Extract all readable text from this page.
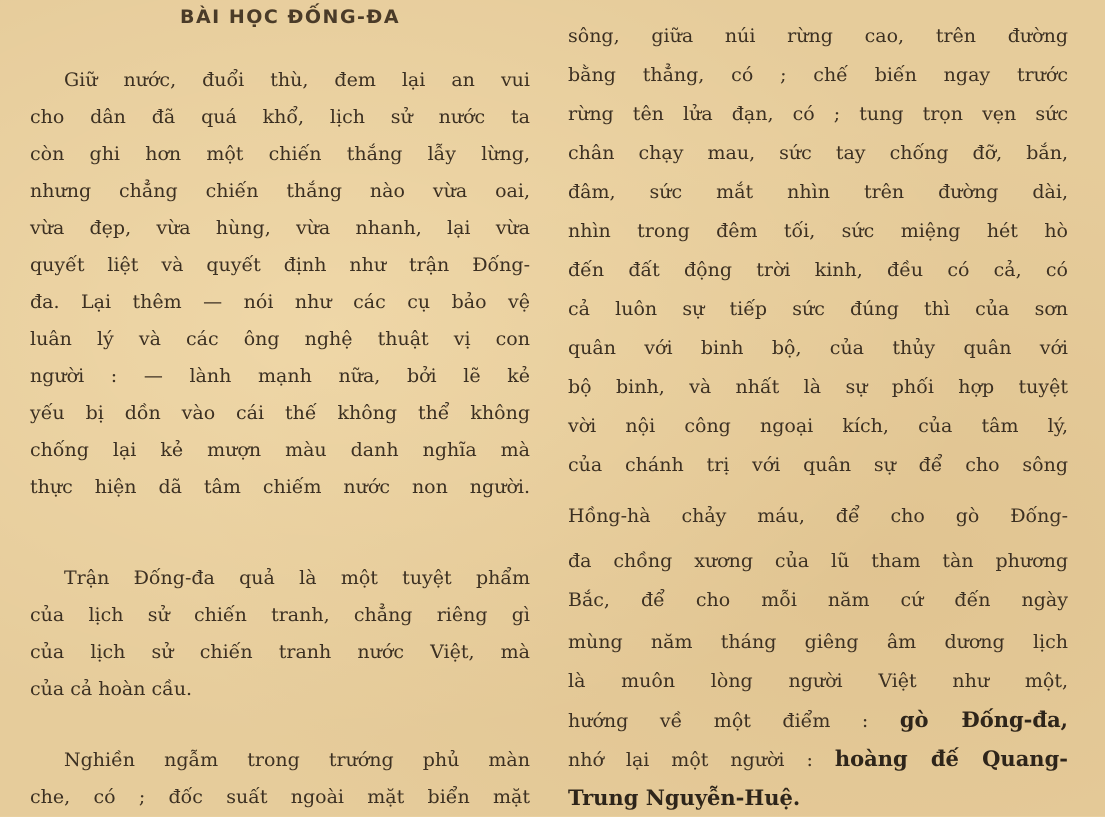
BÀI HỌC ĐỐNG-ĐA
Giữ nước, đuổi thù, đem lại an vui
cho dân đã quá khổ, lịch sử nước ta
còn ghi hơn một chiến thắng lẫy lừng,
nhưng chẳng chiến thắng nào vừa oai,
vừa đẹp, vừa hùng, vừa nhanh, lại vừa
quyết liệt và quyết định như trận Đống-
đa. Lại thêm — nói như các cụ bảo vệ
luân lý và các ông nghệ thuật vị con
người : — lành mạnh nữa, bởi lẽ kẻ
yếu bị dồn vào cái thế không thể không
chống lại kẻ mượn màu danh nghĩa mà
thực hiện dã tâm chiếm nước non người.
Trận Đống-đa quả là một tuyệt phẩm
của lịch sử chiến tranh, chẳng riêng gì
của lịch sử chiến tranh nước Việt, mà
của cả hoàn cầu.
Nghiền ngẫm trong trướng phủ màn
che, có ; đốc suất ngoài mặt biển mặt
sông, giữa núi rừng cao, trên đường
bằng thẳng, có ; chế biến ngay trước
rừng tên lửa đạn, có ; tung trọn vẹn sức
chân chạy mau, sức tay chống đỡ, bắn,
đâm, sức mắt nhìn trên đường dài,
nhìn trong đêm tối, sức miệng hét hò
đến đất động trời kinh, đều có cả, có
cả luôn sự tiếp sức đúng thì của sơn
quân với binh bộ, của thủy quân với
bộ binh, và nhất là sự phối hợp tuyệt
vời nội công ngoại kích, của tâm lý,
của chánh trị với quân sự để cho sông
Hồng-hà chảy máu, để cho gò Đống-
đa chồng xương của lũ tham tàn phương
Bắc, để cho mỗi năm cứ đến ngày
mùng năm tháng giêng âm dương lịch
là muôn lòng người Việt như một,
hướng về một điểm : gò Đống-đa,
nhớ lại một người : hoàng đế Quang-
Trung Nguyễn-Huệ.
